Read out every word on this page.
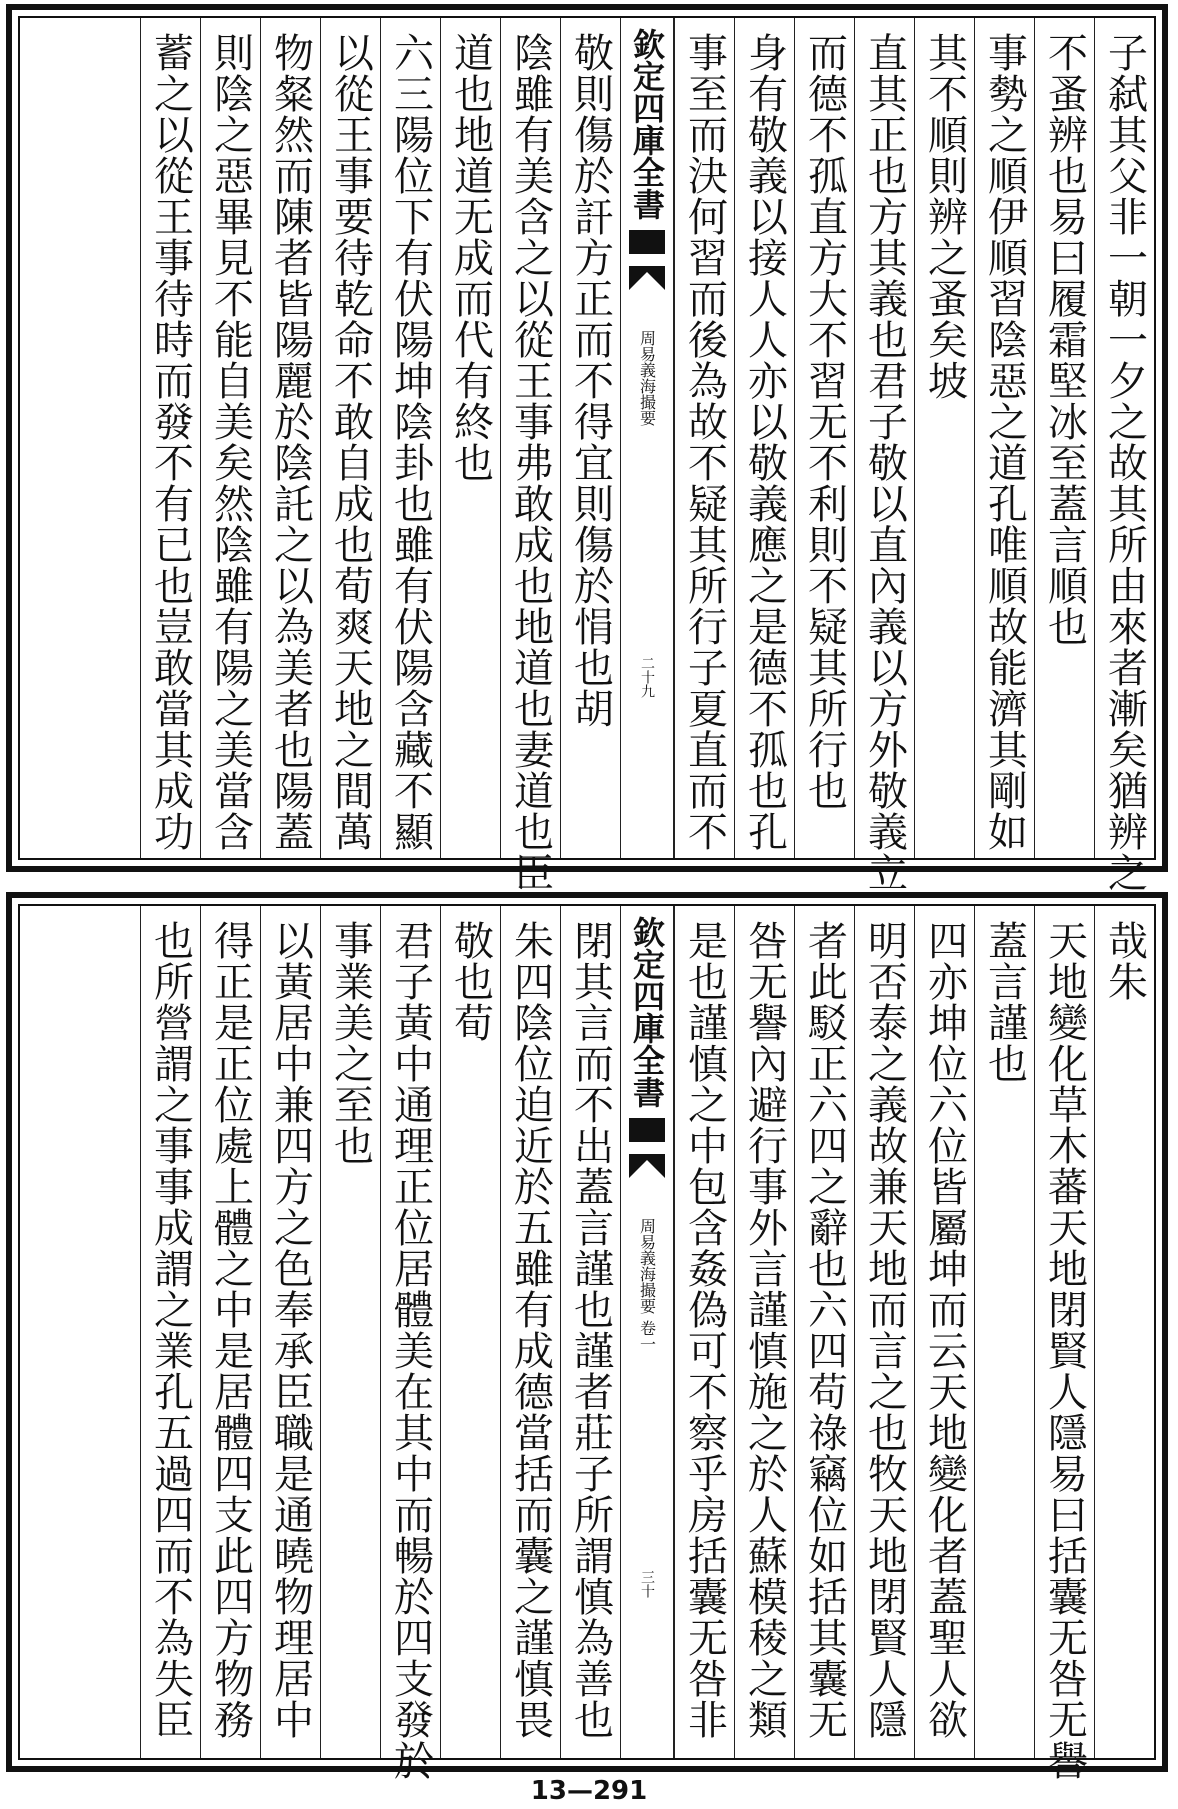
子弑其父非一朝一夕之故其所由來者漸矣猶辨之
不蚤辨也易曰履霜堅冰至蓋言順也
事勢之順伊順習陰惡之道孔唯順故能濟其剛如
其不順則辨之蚤矣坡
直其正也方其義也君子敬以直內義以方外敬義立
而德不孤直方大不習无不利則不疑其所行也
身有敬義以接人人亦以敬義應之是德不孤也孔
事至而決何習而後為故不疑其所行子夏直而不
欽定四庫全書
周易義海撮要
二十九
敬則傷於訐方正而不得宜則傷於悁也胡
陰雖有美含之以從王事弗敢成也地道也妻道也臣
道也地道无成而代有終也
六三陽位下有伏陽坤陰卦也雖有伏陽含藏不顯
以從王事要待乾命不敢自成也荀爽天地之間萬
物粲然而陳者皆陽麗於陰託之以為美者也陽蓋
則陰之惡畢見不能自美矣然陰雖有陽之美當含
蓄之以從王事待時而發不有已也豈敢當其成功
哉朱
天地變化草木蕃天地閉賢人隱易曰括囊无咎无譽
蓋言謹也
四亦坤位六位皆屬坤而云天地變化者蓋聖人欲
明否泰之義故兼天地而言之也牧天地閉賢人隱
者此駁正六四之辭也六四苟祿竊位如括其囊无
咎无譽內避行事外言謹慎施之於人蘇模稜之類
是也謹慎之中包含姦偽可不察乎房括囊无咎非
欽定四庫全書
周易義海撮要
卷一
三十
閉其言而不出蓋言謹也謹者莊子所謂慎為善也
朱四陰位迫近於五雖有成德當括而囊之謹慎畏
敬也荀
君子黃中通理正位居體美在其中而暢於四支發於
事業美之至也
以黃居中兼四方之色奉承臣職是通曉物理居中
得正是正位處上體之中是居體四支此四方物務
也所營謂之事事成謂之業孔五過四而不為失臣
13—291
